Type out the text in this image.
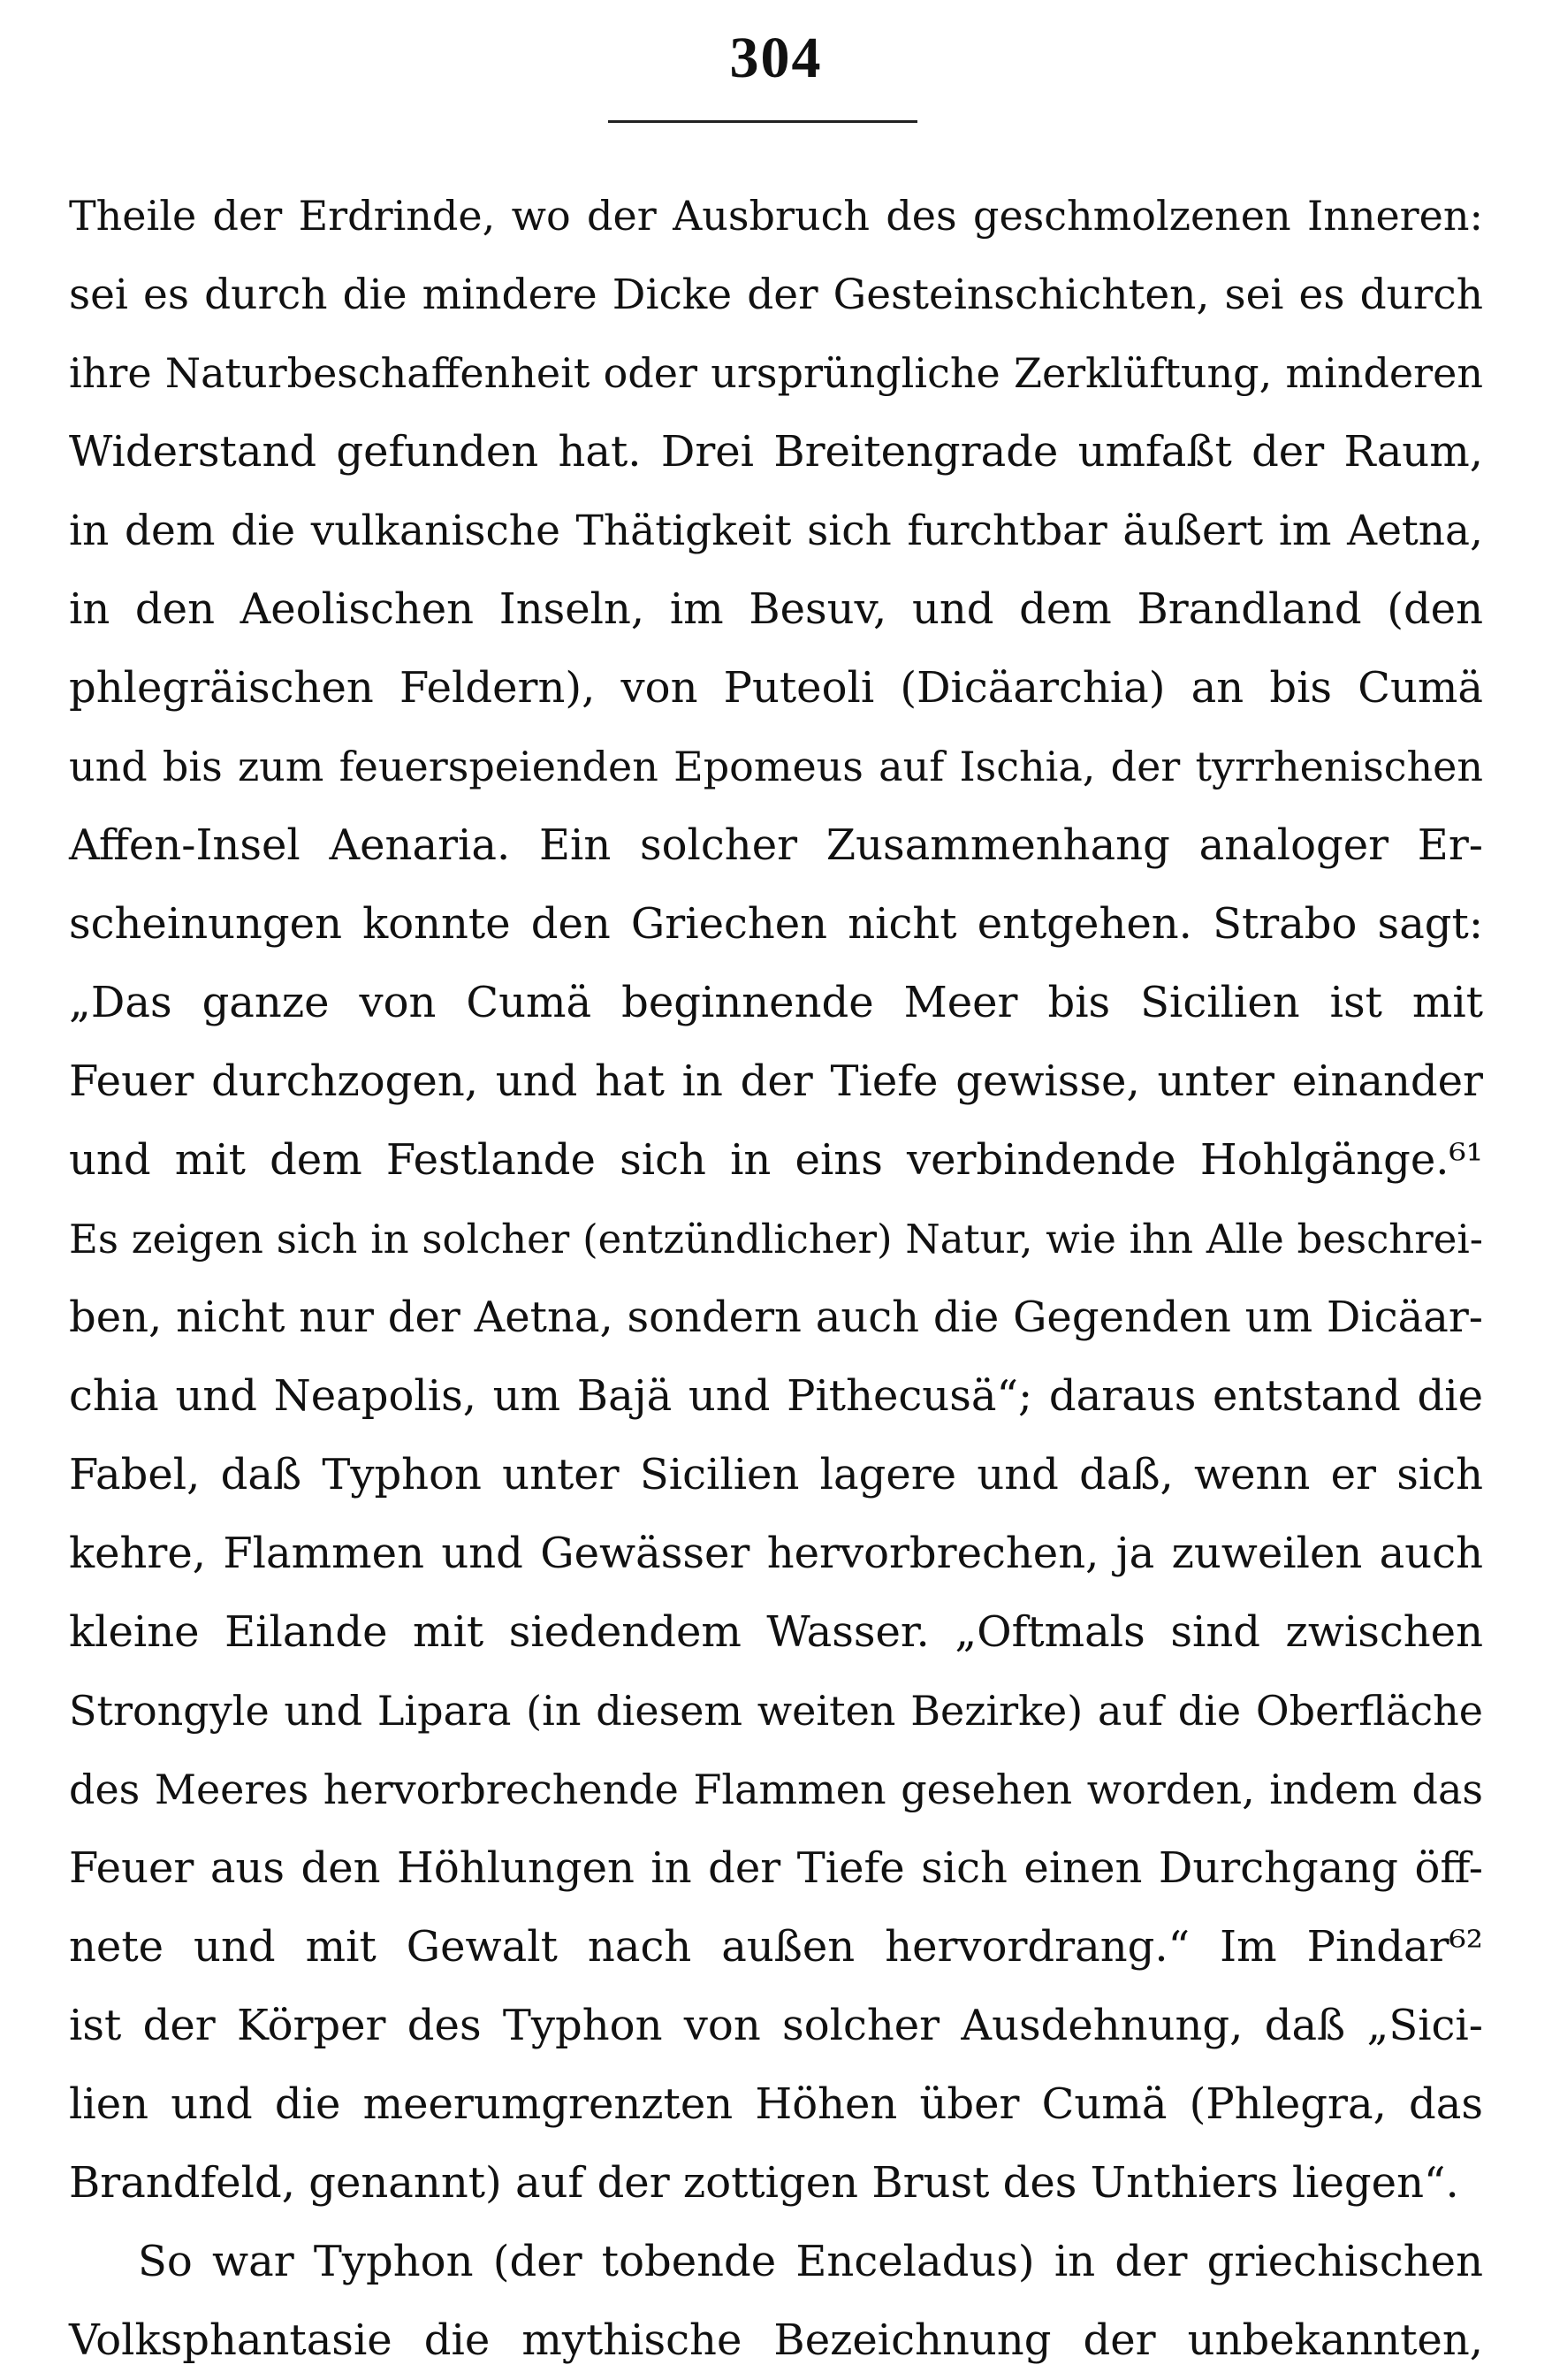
304
Theile der Erdrinde, wo der Ausbruch des geschmolzenen Inneren:
sei es durch die mindere Dicke der Gesteinschichten, sei es durch
ihre Naturbeschaffenheit oder ursprüngliche Zerklüftung, minderen
Widerstand gefunden hat. Drei Breitengrade umfaßt der Raum,
in dem die vulkanische Thätigkeit sich furchtbar äußert im Aetna,
in den Aeolischen Inseln, im Besuv, und dem Brandland (den
phlegräischen Feldern), von Puteoli (Dicäarchia) an bis Cumä
und bis zum feuerspeienden Epomeus auf Ischia, der tyrrhenischen
Affen-Insel Aenaria. Ein solcher Zusammenhang analoger Er-
scheinungen konnte den Griechen nicht entgehen. Strabo sagt:
„Das ganze von Cumä beginnende Meer bis Sicilien ist mit
Feuer durchzogen, und hat in der Tiefe gewisse, unter einander
und mit dem Festlande sich in eins verbindende Hohlgänge.⁶¹
Es zeigen sich in solcher (entzündlicher) Natur, wie ihn Alle beschrei-
ben, nicht nur der Aetna, sondern auch die Gegenden um Dicäar-
chia und Neapolis, um Bajä und Pithecusä“; daraus entstand die
Fabel, daß Typhon unter Sicilien lagere und daß, wenn er sich
kehre, Flammen und Gewässer hervorbrechen, ja zuweilen auch
kleine Eilande mit siedendem Wasser. „Oftmals sind zwischen
Strongyle und Lipara (in diesem weiten Bezirke) auf die Oberfläche
des Meeres hervorbrechende Flammen gesehen worden, indem das
Feuer aus den Höhlungen in der Tiefe sich einen Durchgang öff-
nete und mit Gewalt nach außen hervordrang.“ Im Pindar⁶²
ist der Körper des Typhon von solcher Ausdehnung, daß „Sici-
lien und die meerumgrenzten Höhen über Cumä (Phlegra, das
Brandfeld, genannt) auf der zottigen Brust des Unthiers liegen“.
So war Typhon (der tobende Enceladus) in der griechischen
Volksphantasie die mythische Bezeichnung der unbekannten,
